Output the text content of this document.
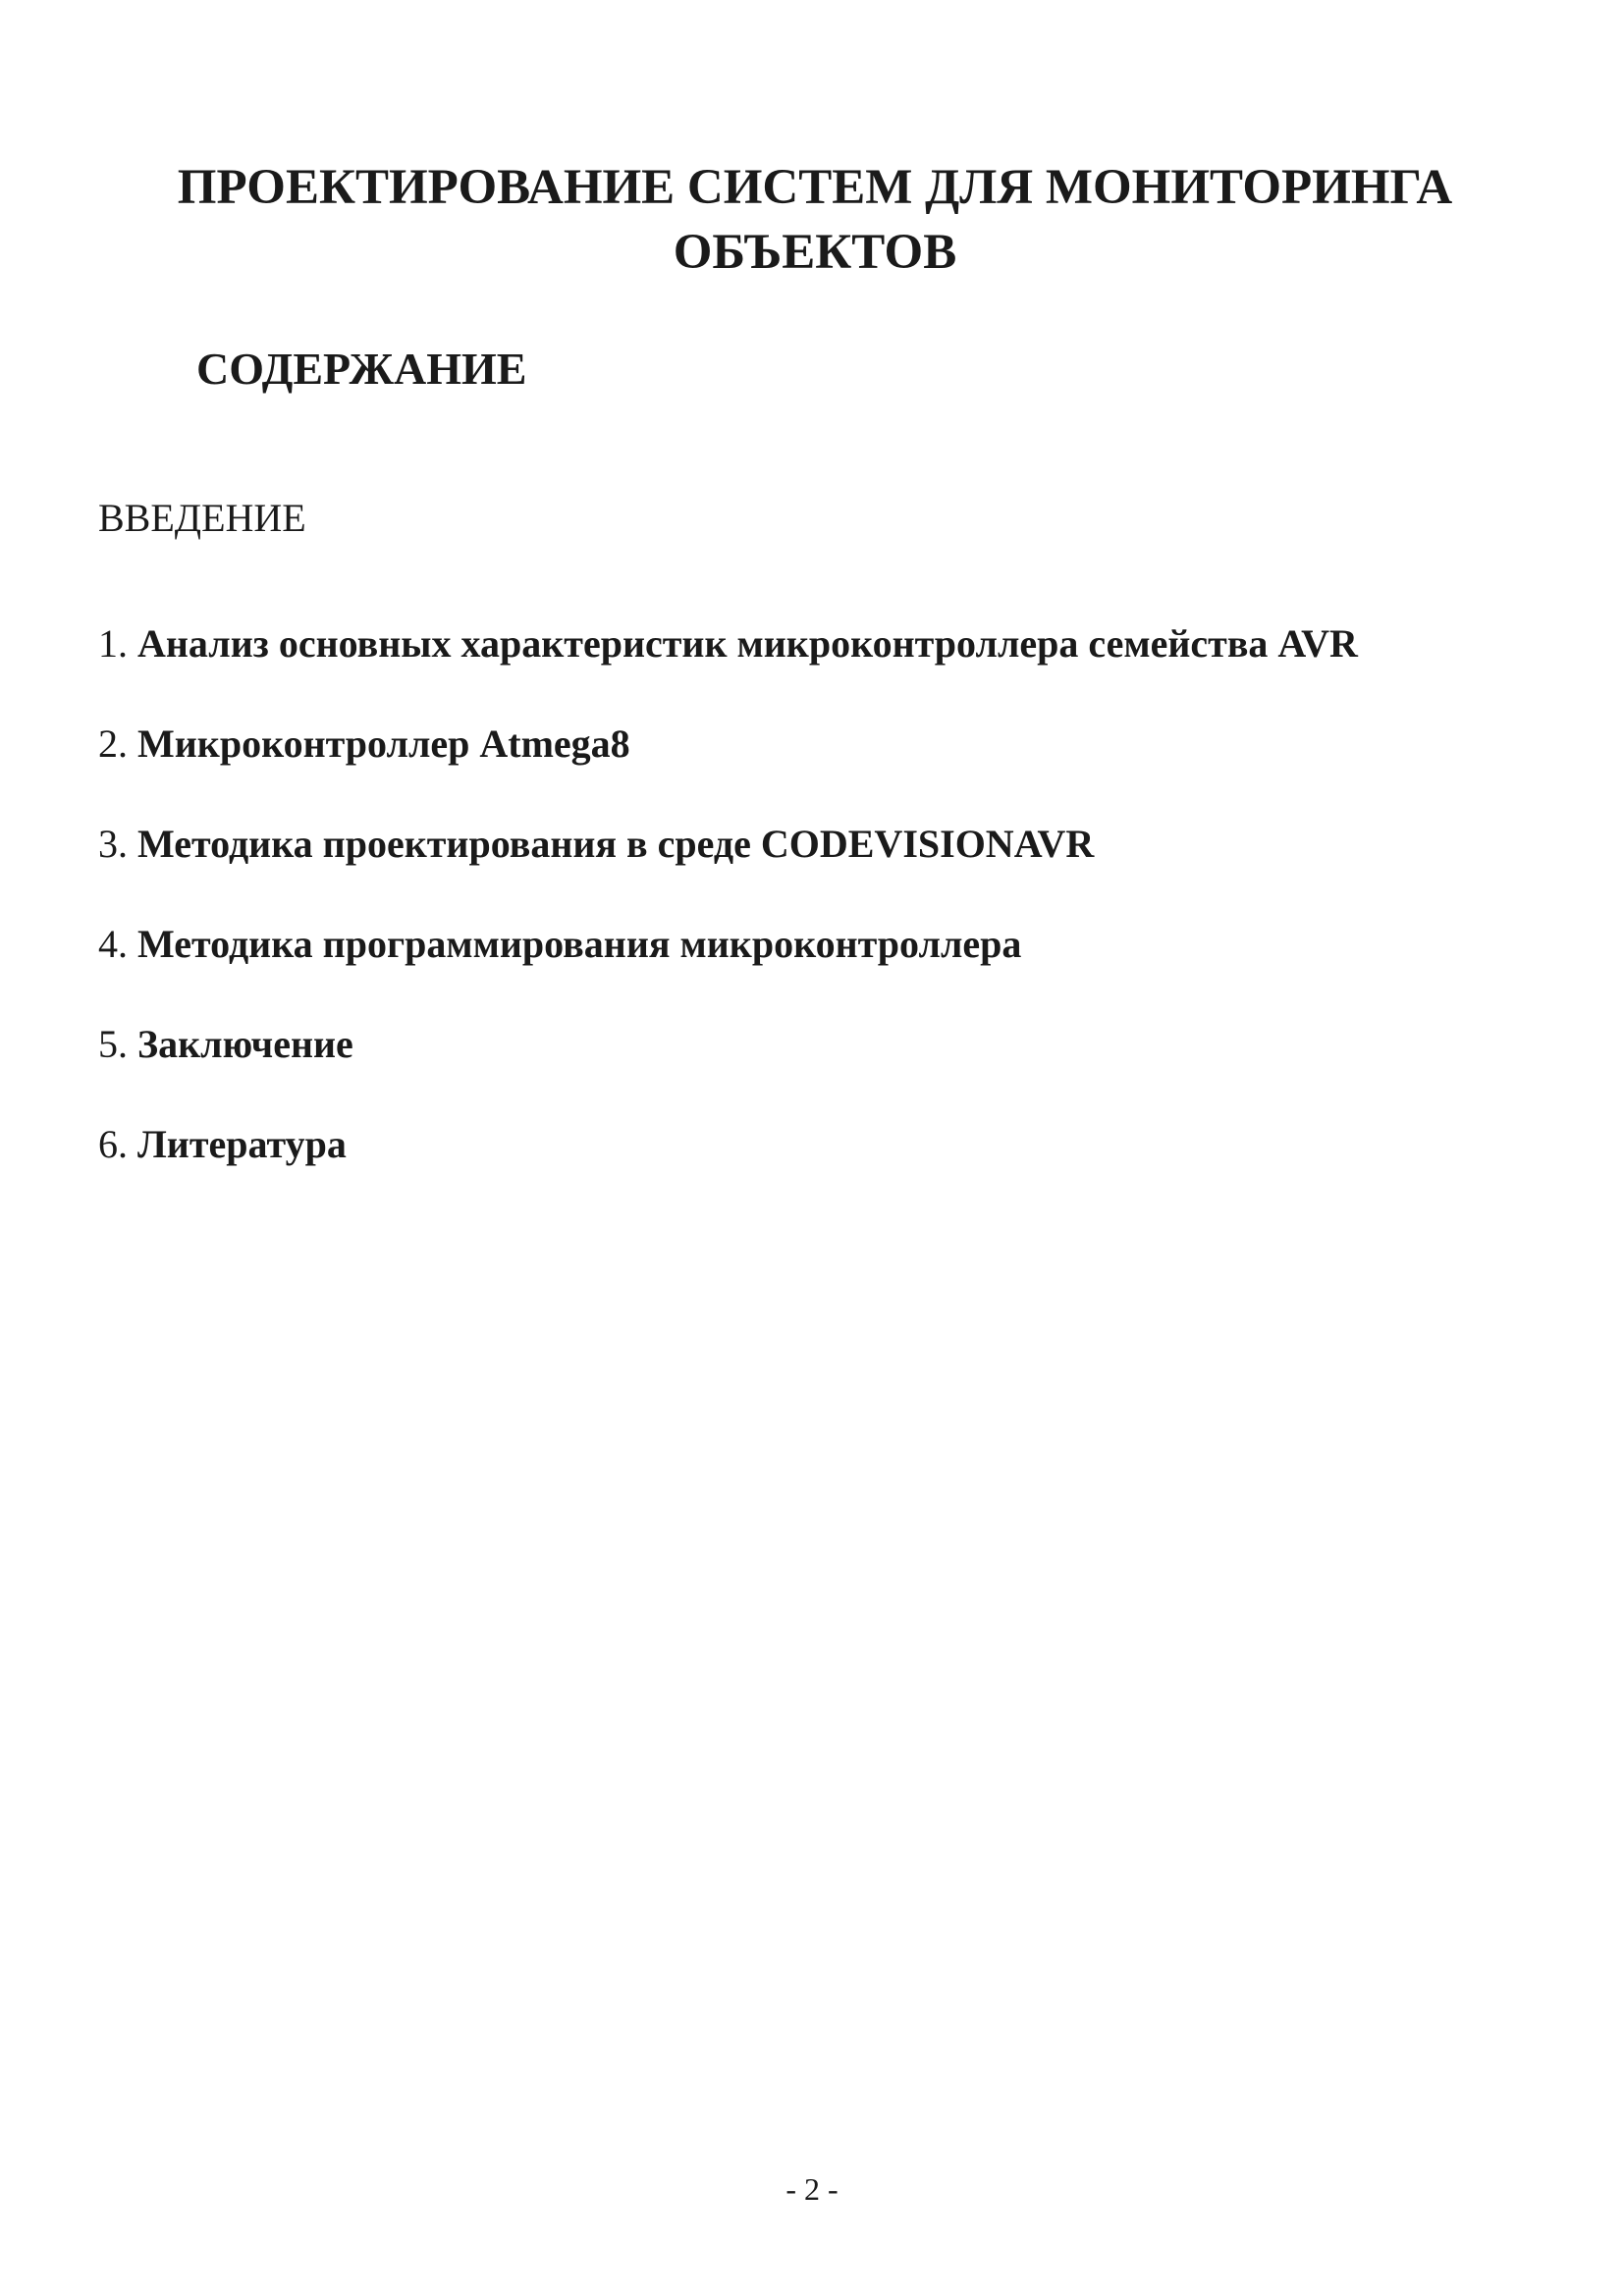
ПРОЕКТИРОВАНИЕ СИСТЕМ ДЛЯ МОНИТОРИНГА ОБЪЕКТОВ
СОДЕРЖАНИЕ

ВВЕДЕНИЕ

1. Анализ основных характеристик микроконтроллера семейства AVR
2. Микроконтроллер Atmega8
3. Методика проектирования в среде CODEVISIONAVR
4. Методика программирования микроконтроллера
5. Заключение
6. Литература
- 2 -
